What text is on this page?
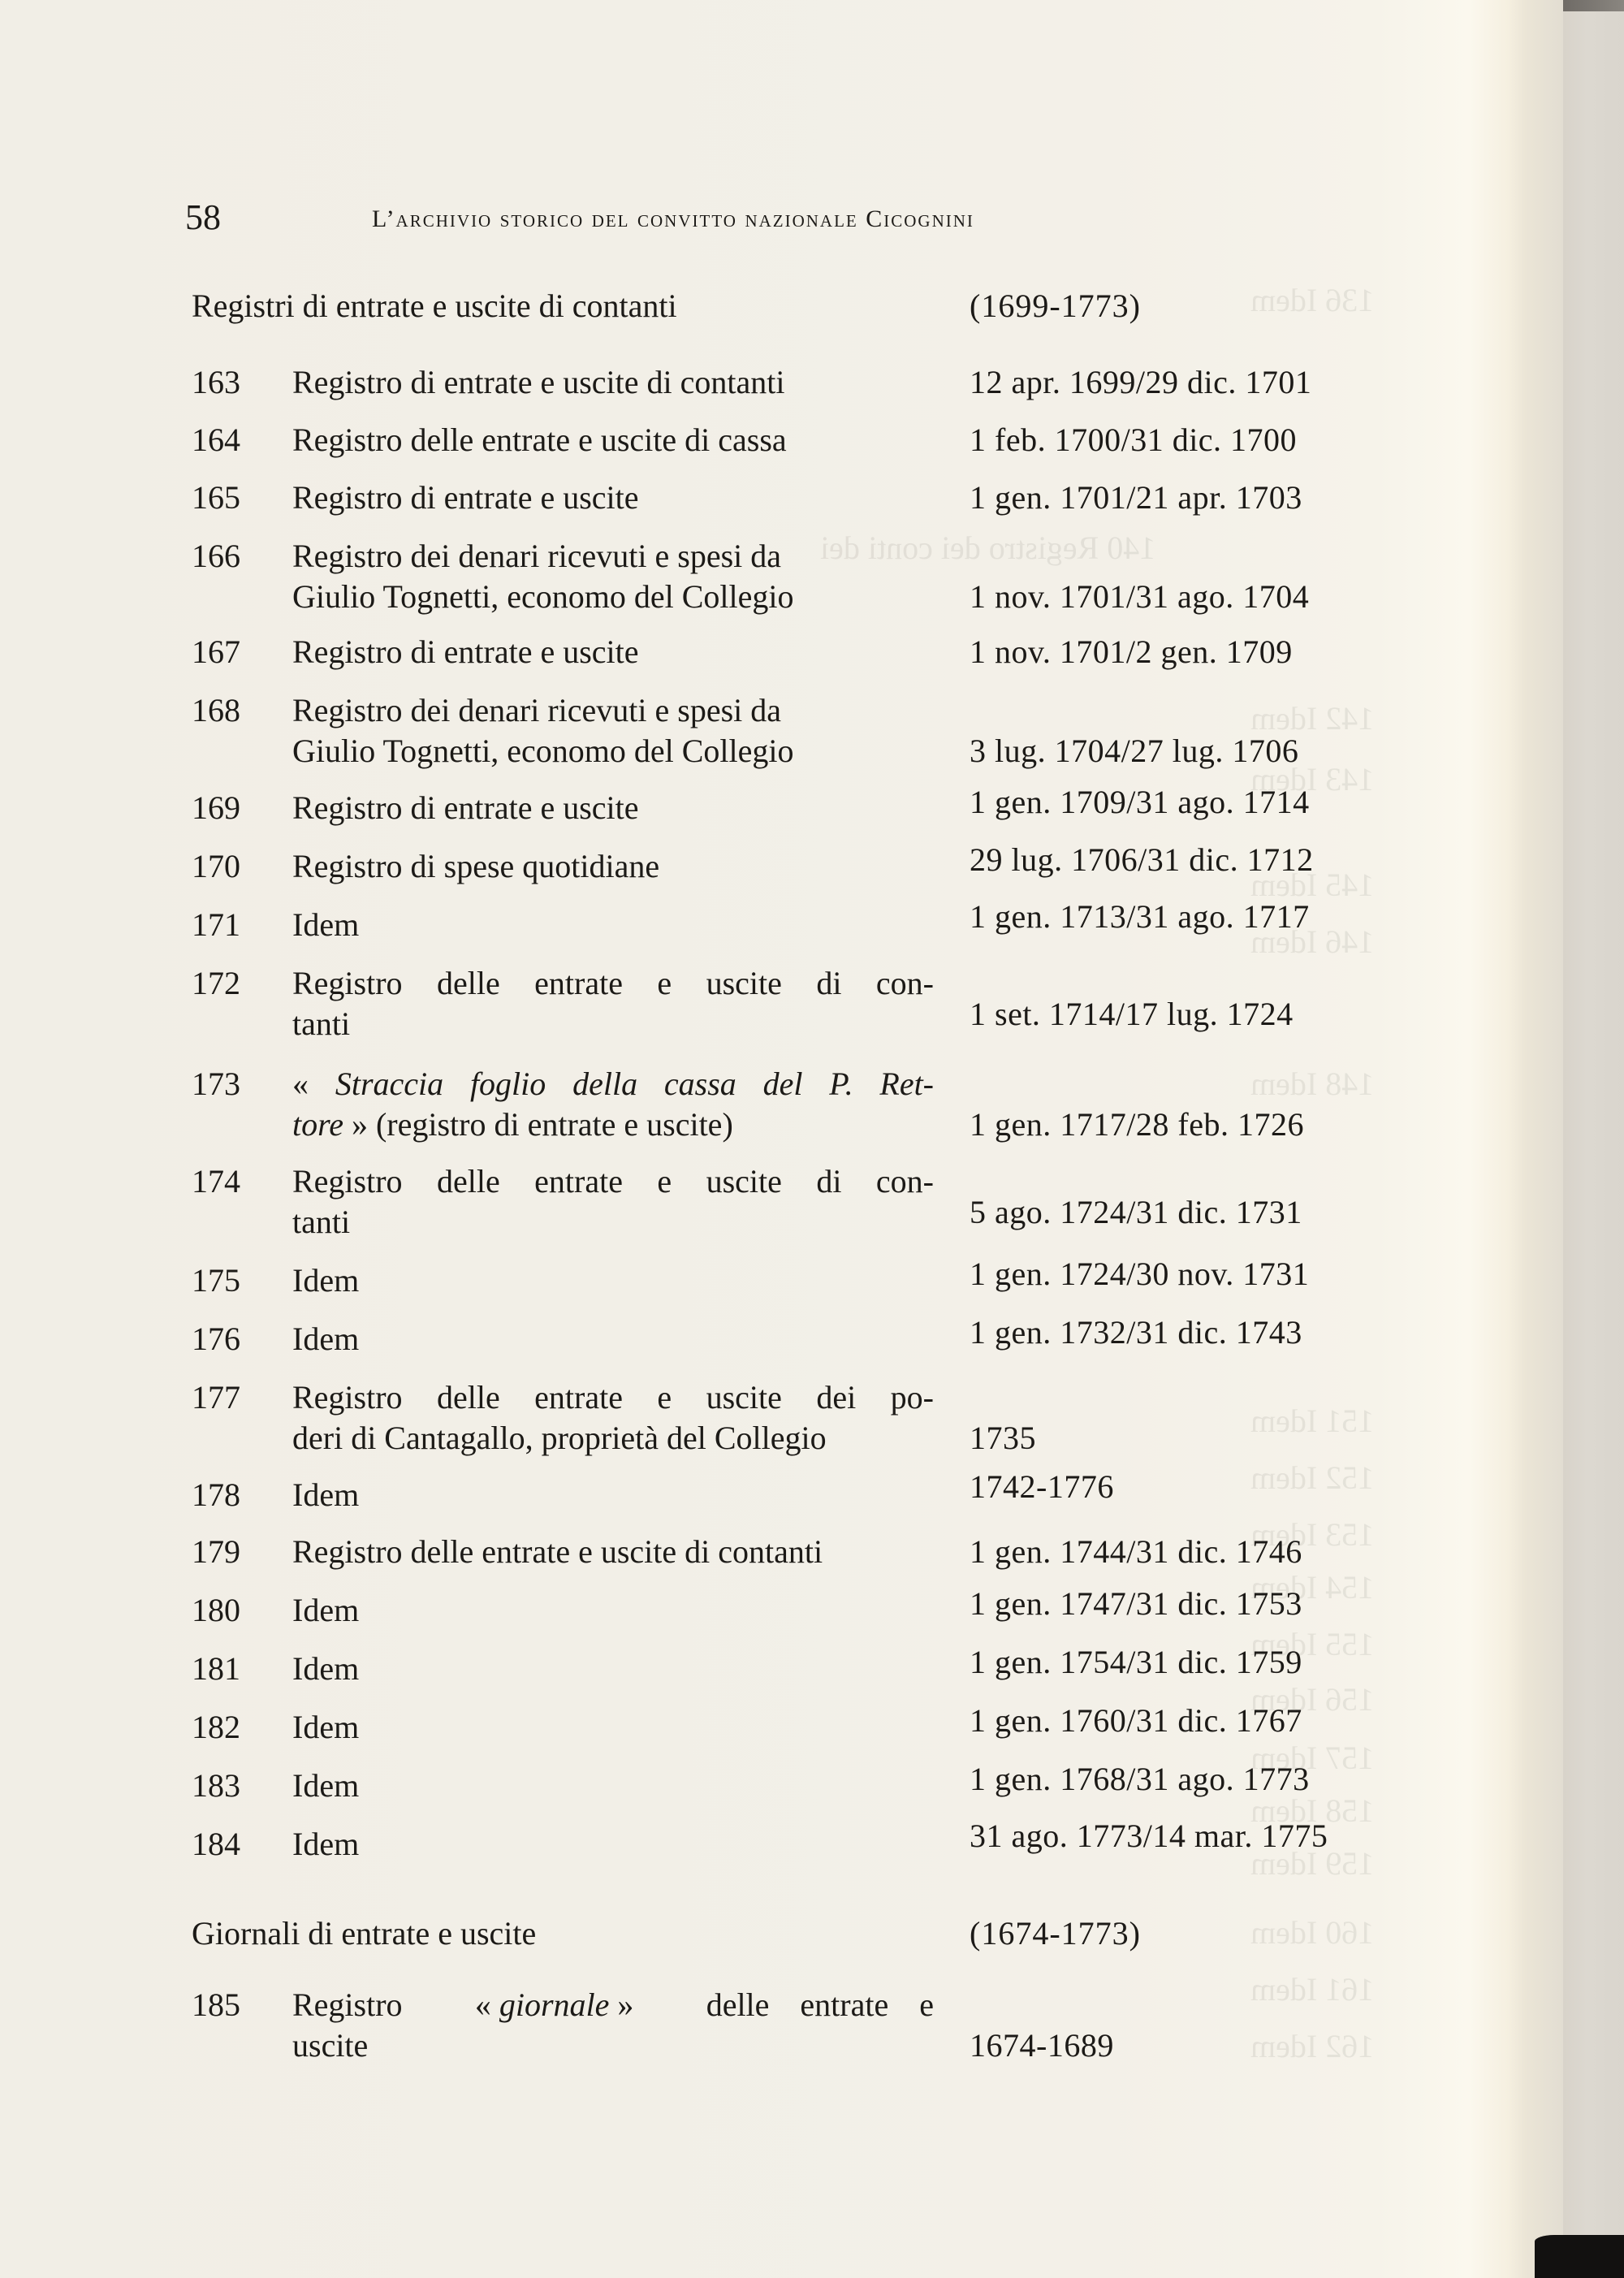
58	L’archivio storico del convitto nazionale Cicognini
Registri di entrate e uscite di contanti	(1699-1773)
163	Registro di entrate e uscite di contanti	12 apr. 1699/29 dic. 1701
164	Registro delle entrate e uscite di cassa	1 feb. 1700/31 dic. 1700
165	Registro di entrate e uscite	1 gen. 1701/21 apr. 1703
166	Registro dei denari ricevuti e spesi da
Giulio Tognetti, economo del Collegio	1 nov. 1701/31 ago. 1704
167	Registro di entrate e uscite	1 nov. 1701/2 gen. 1709
168	Registro dei denari ricevuti e spesi da
Giulio Tognetti, economo del Collegio	3 lug. 1704/27 lug. 1706
169	Registro di entrate e uscite	1 gen. 1709/31 ago. 1714
170	Registro di spese quotidiane	29 lug. 1706/31 dic. 1712
171	Idem	1 gen. 1713/31 ago. 1717
172	Registro delle entrate e uscite di con-
tanti	1 set. 1714/17 lug. 1724
173	« Straccia foglio della cassa del P. Ret-
tore » (registro di entrate e uscite)	1 gen. 1717/28 feb. 1726
174	Registro delle entrate e uscite di con-
tanti	5 ago. 1724/31 dic. 1731
175	Idem	1 gen. 1724/30 nov. 1731
176	Idem	1 gen. 1732/31 dic. 1743
177	Registro delle entrate e uscite dei po-
deri di Cantagallo, proprietà del Collegio	1735
178	Idem	1742-1776
179	Registro delle entrate e uscite di contanti	1 gen. 1744/31 dic. 1746
180	Idem	1 gen. 1747/31 dic. 1753
181	Idem	1 gen. 1754/31 dic. 1759
182	Idem	1 gen. 1760/31 dic. 1767
183	Idem	1 gen. 1768/31 ago. 1773
184	Idem	31 ago. 1773/14 mar. 1775
Giornali di entrate e uscite	(1674-1773)
185	Registro « giornale » delle entrate e
uscite	1674-1689
